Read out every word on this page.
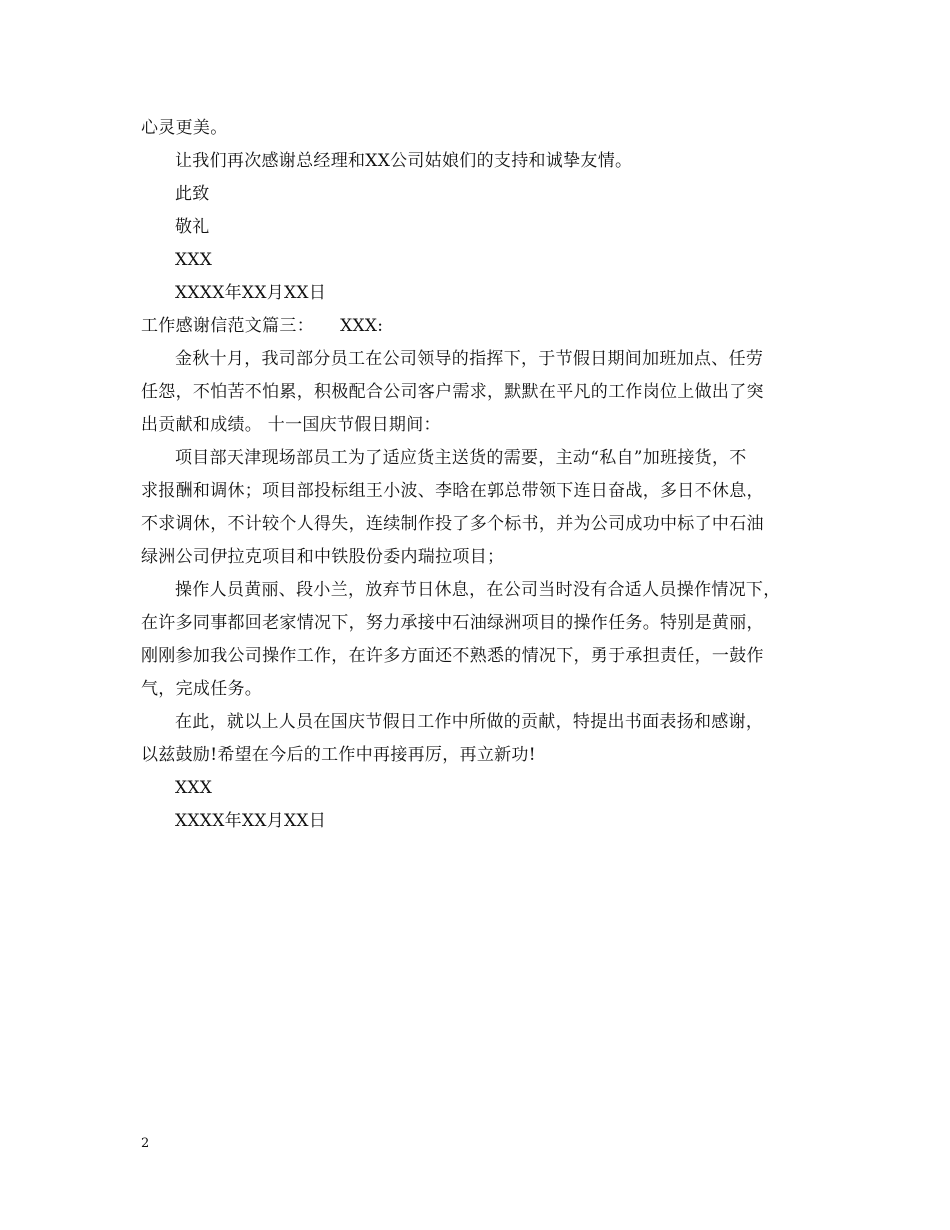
心灵更美。
让我们再次感谢总经理和XX公司姑娘们的支持和诚挚友情。
此致
敬礼
XXX
XXXX年XX月XX日
工作感谢信范文篇三：　　XXX:
金秋十月，我司部分员工在公司领导的指挥下，于节假日期间加班加点、任劳
任怨，不怕苦不怕累，积极配合公司客户需求，默默在平凡的工作岗位上做出了突
出贡献和成绩。 十一国庆节假日期间：
项目部天津现场部员工为了适应货主送货的需要，主动“私自”加班接货，不
求报酬和调休；项目部投标组王小波、李晗在郭总带领下连日奋战，多日不休息，
不求调休，不计较个人得失，连续制作投了多个标书，并为公司成功中标了中石油
绿洲公司伊拉克项目和中铁股份委内瑞拉项目；
操作人员黄丽、段小兰，放弃节日休息，在公司当时没有合适人员操作情况下，
在许多同事都回老家情况下，努力承接中石油绿洲项目的操作任务。特别是黄丽，
刚刚参加我公司操作工作，在许多方面还不熟悉的情况下，勇于承担责任，一鼓作
气，完成任务。
在此，就以上人员在国庆节假日工作中所做的贡献，特提出书面表扬和感谢，
以兹鼓励!希望在今后的工作中再接再厉，再立新功!
XXX
XXXX年XX月XX日
2
